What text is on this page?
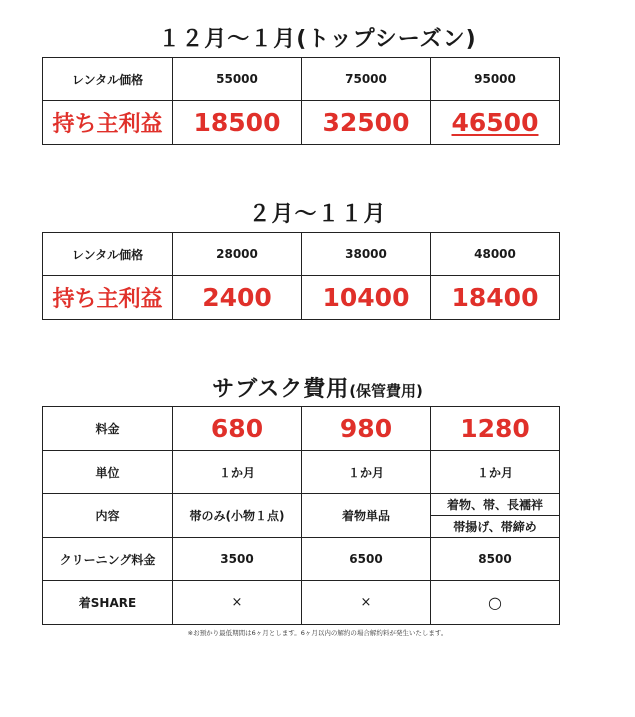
１２月〜１月(トップシーズン)
レンタル価格	55000	75000	95000
持ち主利益	18500	32500	46500
２月〜１１月
レンタル価格	28000	38000	48000
持ち主利益	2400	10400	18400
サブスク費用(保管費用)
料金	680	980	1280
単位	１か月	１か月	１か月
内容	帯のみ(小物１点)	着物単品	着物、帯、長襦袢
帯揚げ、帯締め

クリーニング料金	3500	6500	8500
着SHARE	×	×	○
※お預かり最低期間は6ヶ月とします。6ヶ月以内の解約の場合解約料が発生いたします。
